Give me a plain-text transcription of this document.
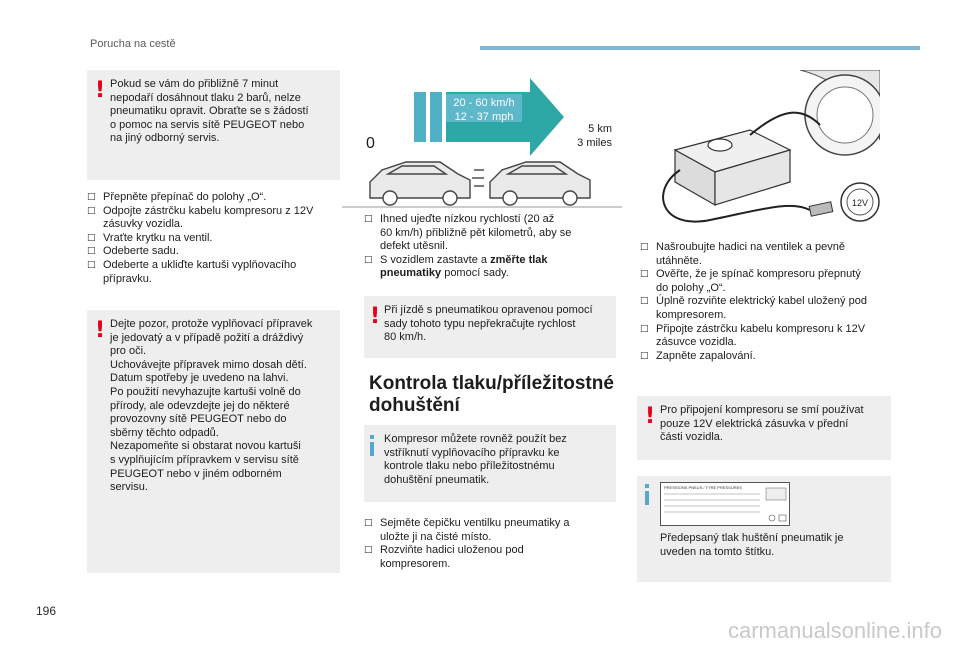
Porucha na cestě
! Pokud se vám do přibližně 7 minut
nepodaří dosáhnout tlaku 2 barů, nelze
pneumatiku opravit. Obraťte se s žádostí
o pomoc na servis sítě PEUGEOT nebo
na jiný odborný servis.
□ Přepněte přepínač do polohy „O“.
□ Odpojte zástrčku kabelu kompresoru z 12V
zásuvky vozidla.
□ Vraťte krytku na ventil.
□ Odeberte sadu.
□ Odeberte a ukliďte kartuši vyplňovacího
přípravku.
! Dejte pozor, protože vyplňovací přípravek
je jedovatý a v případě požití a dráždivý
pro oči.
Uchovávejte přípravek mimo dosah dětí.
Datum spotřeby je uvedeno na lahvi.
Po použití nevyhazujte kartuši volně do
přírody, ale odevzdejte jej do některé
provozovny sítě PEUGEOT nebo do
sběrny těchto odpadů.
Nezapomeňte si obstarat novou kartuši
s vyplňujícím přípravkem v servisu sítě
PEUGEOT nebo v jiném odborném
servisu.
20 - 60 km/h
12 - 37 mph
0
5 km
3 miles
□ Ihned ujeďte nízkou rychlostí (20 až
60 km/h) přibližně pět kilometrů, aby se
defekt utěsnil.
□ S vozidlem zastavte a změřte tlak
pneumatiky pomocí sady.
! Při jízdě s pneumatikou opravenou pomocí
sady tohoto typu nepřekračujte rychlost
80 km/h.
Kontrola tlaku/příležitostné dohuštění
Kompresor můžete rovněž použít bez
vstříknutí vyplňovacího přípravku ke
kontrole tlaku nebo příležitostnému
dohuštění pneumatik.
□ Sejměte čepičku ventilku pneumatiky a
uložte ji na čisté místo.
□ Rozviňte hadici uloženou pod
kompresorem.
12V
□ Našroubujte hadici na ventilek a pevně
utáhněte.
□ Ověřte, že je spínač kompresoru přepnutý
do polohy „O“.
□ Úplně rozviňte elektrický kabel uložený pod
kompresorem.
□ Připojte zástrčku kabelu kompresoru k 12V
zásuvce vozidla.
□ Zapněte zapalování.
! Pro připojení kompresoru se smí používat
pouze 12V elektrická zásuvka v přední
části vozidla.
PRESSIONS PNEUS / TYRE PRESSURES
Předepsaný tlak huštění pneumatik je
uveden na tomto štítku.
196
carmanualsonline.info
